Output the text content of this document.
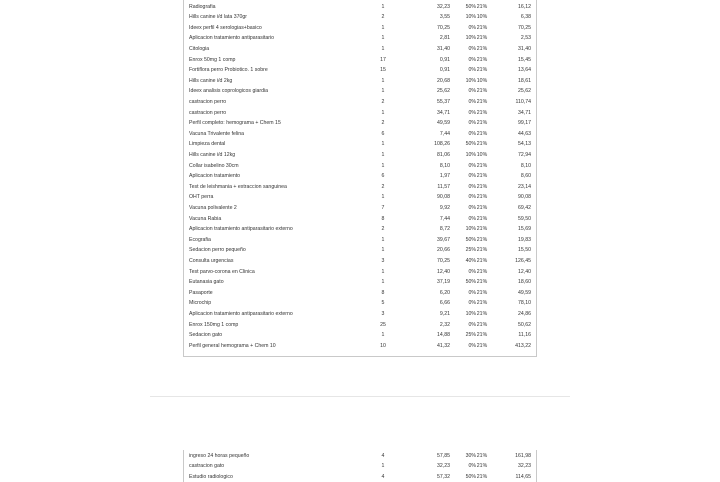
Radiografia	1	32,23	50% 21%	16,12
Hills canine i/d lata 370gr	2	3,55	10% 10%	6,38
Ideex perfil 4 serologias+basico	1	70,25	0% 21%	70,25
Aplicacion tratamiento antiparasitario	1	2,81	10% 21%	2,53
Citologia	1	31,40	0% 21%	31,40
Enrox 50mg 1 comp	17	0,91	0% 21%	15,45
Fortiflora perro Probiotico. 1 sobre	15	0,91	0% 21%	13,64
Hills canine i/d 2kg	1	20,68	10% 10%	18,61
Ideex analisis coprologicos giardia	1	25,62	0% 21%	25,62
castracion perro	2	55,37	0% 21%	110,74
castracion perro	1	34,71	0% 21%	34,71
Perfil completo: hemograma + Chem 15	2	49,59	0% 21%	99,17
Vacuna Trivalente felina	6	7,44	0% 21%	44,63
Limpieza dental	1	108,26	50% 21%	54,13
Hills canine i/d 12kg	1	81,06	10% 10%	72,94
Collar isabelino 30cm	1	8,10	0% 21%	8,10
Aplicacion tratamiento	6	1,97	0% 21%	8,60
Test de leishmania + extraccion sanguinea	2	11,57	0% 21%	23,14
OHT perra	1	90,08	0% 21%	90,08
Vacuna polivalente 2	7	9,92	0% 21%	69,42
Vacuna Rabia	8	7,44	0% 21%	59,50
Aplicacion tratamiento antiparasitario externo	2	8,72	10% 21%	15,69
Ecografia	1	39,67	50% 21%	19,83
Sedacion perro pequeño	1	20,66	25% 21%	15,50
Consulta urgencias	3	70,25	40% 21%	126,45
Test parvo-corona en Clinica	1	12,40	0% 21%	12,40
Eutanasia gato	1	37,19	50% 21%	18,60
Pasaporte	8	6,20	0% 21%	49,59
Microchip	5	6,66	0% 21%	78,10
Aplicacion tratamiento antiparasitario externo	3	9,21	10% 21%	24,86
Enrox 150mg 1 comp	25	2,32	0% 21%	50,62
Sedacion gato	1	14,88	25% 21%	11,16
Perfil general hemograma + Chem 10	10	41,32	0% 21%	413,22
ingreso 24 horas pequeño	4	57,85	30% 21%	161,98
castracion gato	1	32,23	0% 21%	32,23
Estudio radiologico	4	57,32	50% 21%	114,65
